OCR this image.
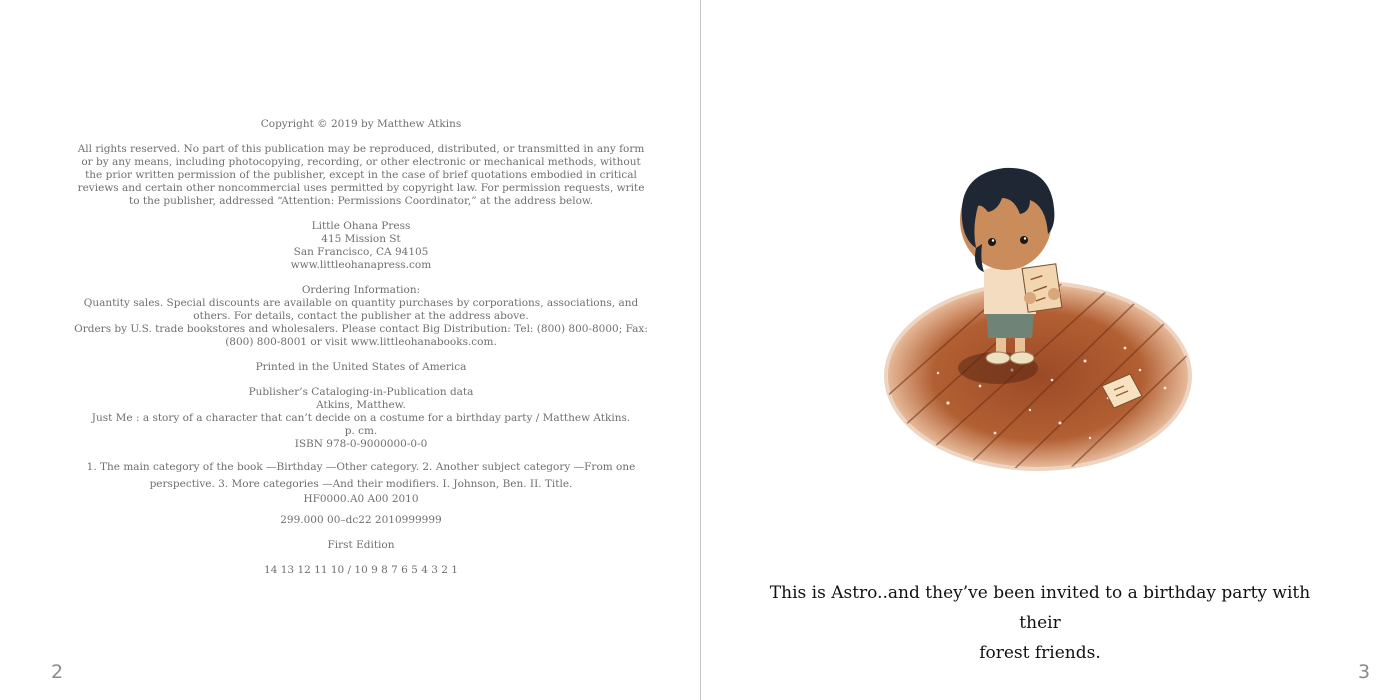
Copyright © 2019 by Matthew Atkins

All rights reserved. No part of this publication may be reproduced, distributed, or transmitted in any form or by any means, including photocopying, recording, or other electronic or mechanical methods, without the prior written permission of the publisher, except in the case of brief quotations embodied in critical reviews and certain other noncommercial uses permitted by copyright law. For permission requests, write to the publisher, addressed “Attention: Permissions Coordinator,” at the address below.

Little Ohana Press

415 Mission St

San Francisco, CA 94105

www.littleohanapress.com

Ordering Information:

Quantity sales. Special discounts are available on quantity purchases by corporations, associations, and others. For details, contact the publisher at the address above.

Orders by U.S. trade bookstores and wholesalers. Please contact Big Distribution: Tel: (800) 800-8000; Fax: (800) 800-8001 or visit www.littleohanabooks.com.

Printed in the United States of America

Publisher’s Cataloging-in-Publication data

Atkins, Matthew.

Just Me : a story of a character that can’t decide on a costume for a birthday party / Matthew Atkins.

p. cm.

ISBN 978-0-9000000-0-0

1. The main category of the book —Birthday —Other category. 2. Another subject category —From one perspective. 3. More categories —And their modifiers. I. Johnson, Ben. II. Title.

HF0000.A0 A00 2010

299.000 00–dc22 2010999999

First Edition

14 13 12 11 10 / 10 9 8 7 6 5 4 3 2 1

2
This is Astro..and they’ve been invited to a birthday party with their
forest friends.
3
